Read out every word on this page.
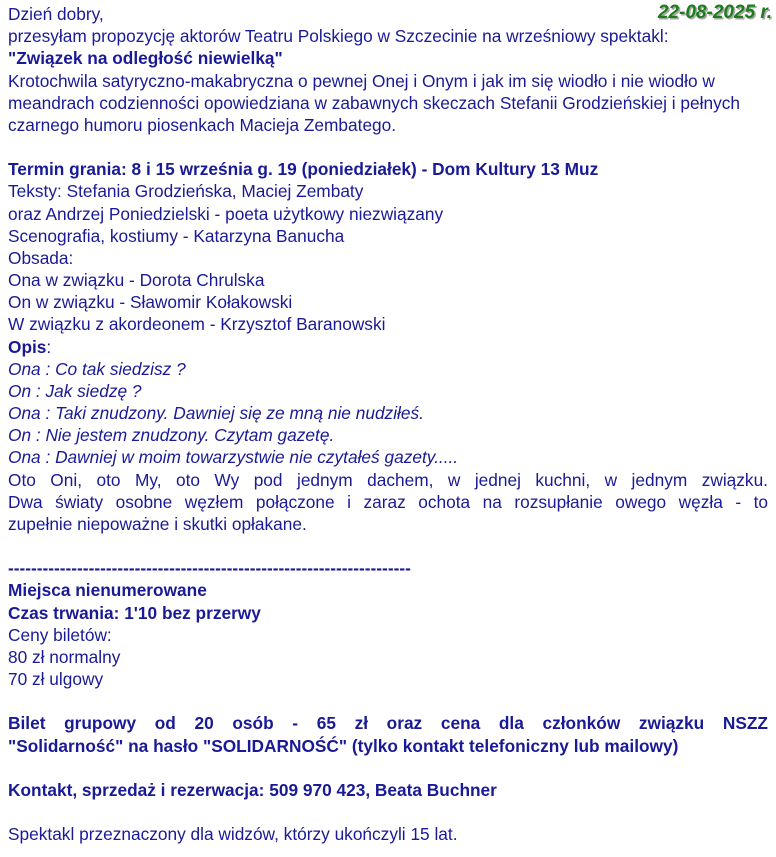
Dzień dobry,	22-08-2025 r.
przesyłam propozycję aktorów Teatru Polskiego w Szczecinie na wrześniowy spektakl:
"Związek na odległość niewielką"
Krotochwila satyryczno-makabryczna o pewnej Onej i Onym i jak im się wiodło i nie wiodło w meandrach codzienności opowiedziana w zabawnych skeczach Stefanii Grodzieńskiej i pełnych czarnego humoru piosenkach Macieja Zembatego.
Termin grania: 8 i 15 września g. 19 (poniedziałek) - Dom Kultury 13 Muz
Teksty: Stefania Grodzieńska, Maciej Zembaty
oraz Andrzej Poniedzielski - poeta użytkowy niezwiązany
Scenografia, kostiumy - Katarzyna Banucha
Obsada:
Ona w związku - Dorota Chrulska
On w związku - Sławomir Kołakowski
W związku z akordeonem - Krzysztof Baranowski
Opis:
Ona : Co tak siedzisz ?
On : Jak siedzę ?
Ona : Taki znudzony. Dawniej się ze mną nie nudziłeś.
On : Nie jestem znudzony. Czytam gazetę.
Ona : Dawniej w moim towarzystwie nie czytałeś gazety.....
Oto Oni, oto My, oto Wy pod jednym dachem, w jednej kuchni, w jednym związku.
Dwa światy osobne węzłem połączone i zaraz ochota na rozsupłanie owego węzła - to
zupełnie niepoważne i skutki opłakane.
----------------------------------------------------------------------
Miejsca nienumerowane
Czas trwania: 1'10 bez przerwy
Ceny biletów:
80 zł normalny
70 zł ulgowy
Bilet grupowy od 20 osób - 65 zł oraz cena dla członków związku NSZZ
"Solidarność" na hasło "SOLIDARNOŚĆ" (tylko kontakt telefoniczny lub mailowy)
Kontakt, sprzedaż i rezerwacja: 509 970 423, Beata Buchner
Spektakl przeznaczony dla widzów, którzy ukończyli 15 lat.
